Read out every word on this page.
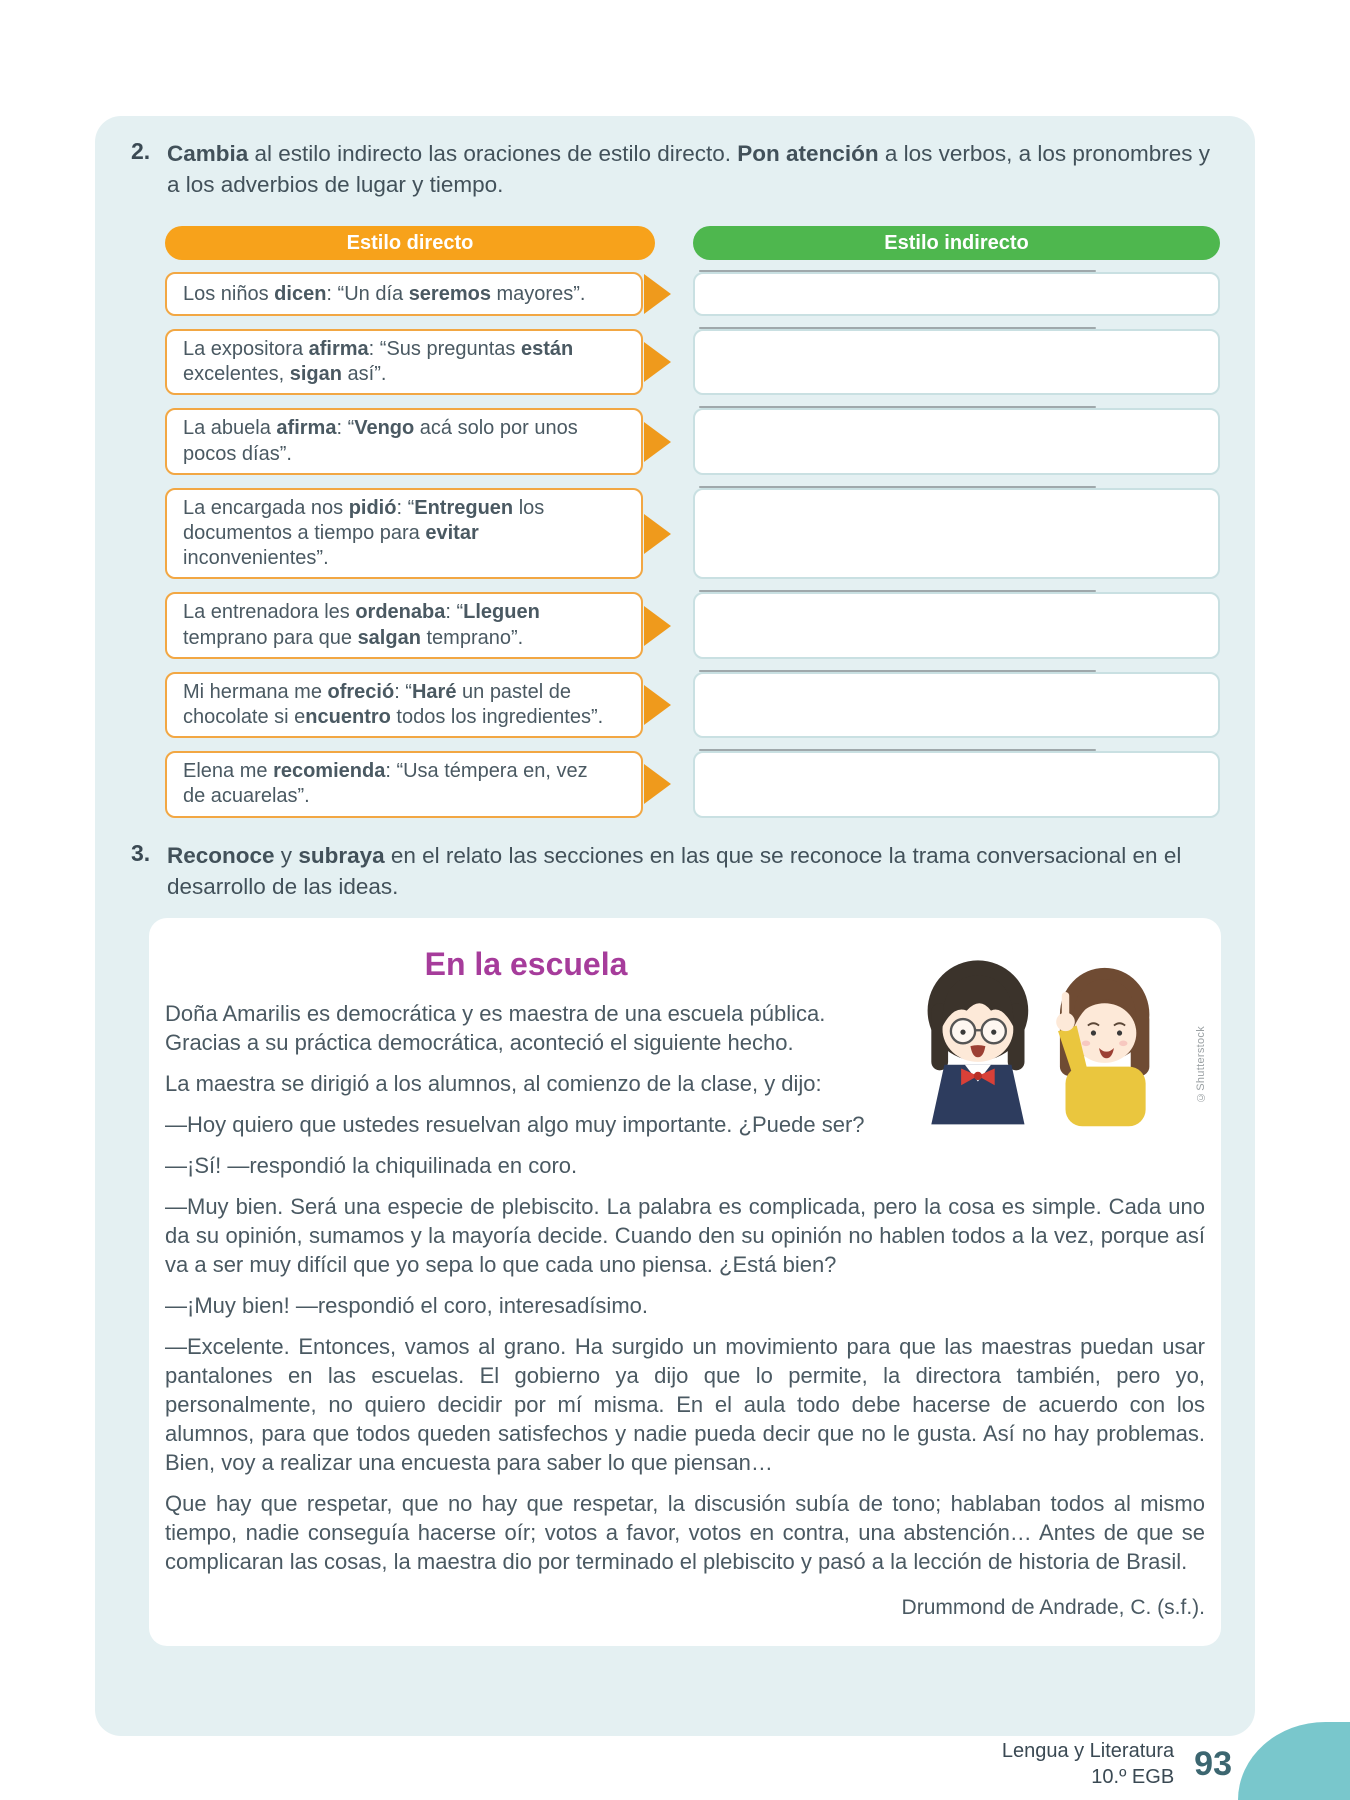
2. Cambia al estilo indirecto las oraciones de estilo directo. Pon atención a los verbos, a los pronombres y a los adverbios de lugar y tiempo.

Estilo directo	Estilo indirecto

Los niños dicen: “Un día seremos mayores”.

La expositora afirma: “Sus preguntas están excelentes, sigan así”.

La abuela afirma: “Vengo acá solo por unos pocos días”.

La encargada nos pidió: “Entreguen los documentos a tiempo para evitar inconvenientes”.

La entrenadora les ordenaba: “Lleguen temprano para que salgan temprano”.

Mi hermana me ofreció: “Haré un pastel de chocolate si encuentro todos los ingredientes”.

Elena me recomienda: “Usa témpera en, vez de acuarelas”.

3. Reconoce y subraya en el relato las secciones en las que se reconoce la trama conversacional en el desarrollo de las ideas.

©Shutterstock
En la escuela

Doña Amarilis es democrática y es maestra de una escuela pública. Gracias a su práctica democrática, aconteció el siguiente hecho.

La maestra se dirigió a los alumnos, al comienzo de la clase, y dijo:

—Hoy quiero que ustedes resuelvan algo muy importante. ¿Puede ser?

—¡Sí! —respondió la chiquilinada en coro.

—Muy bien. Será una especie de plebiscito. La palabra es complicada, pero la cosa es simple. Cada uno da su opinión, sumamos y la mayoría decide. Cuando den su opinión no hablen todos a la vez, porque así va a ser muy difícil que yo sepa lo que cada uno piensa. ¿Está bien?

—¡Muy bien! —respondió el coro, interesadísimo.

—Excelente. Entonces, vamos al grano. Ha surgido un movimiento para que las maestras puedan usar pantalones en las escuelas. El gobierno ya dijo que lo permite, la directora también, pero yo, personalmente, no quiero decidir por mí misma. En el aula todo debe hacerse de acuerdo con los alumnos, para que todos queden satisfechos y nadie pueda decir que no le gusta. Así no hay problemas. Bien, voy a realizar una encuesta para saber lo que piensan…

Que hay que respetar, que no hay que respetar, la discusión subía de tono; hablaban todos al mismo tiempo, nadie conseguía hacerse oír; votos a favor, votos en contra, una abstención… Antes de que se complicaran las cosas, la maestra dio por terminado el plebiscito y pasó a la lección de historia de Brasil.

Drummond de Andrade, C. (s.f.).

Lengua y Literatura
10.º EGB 93
